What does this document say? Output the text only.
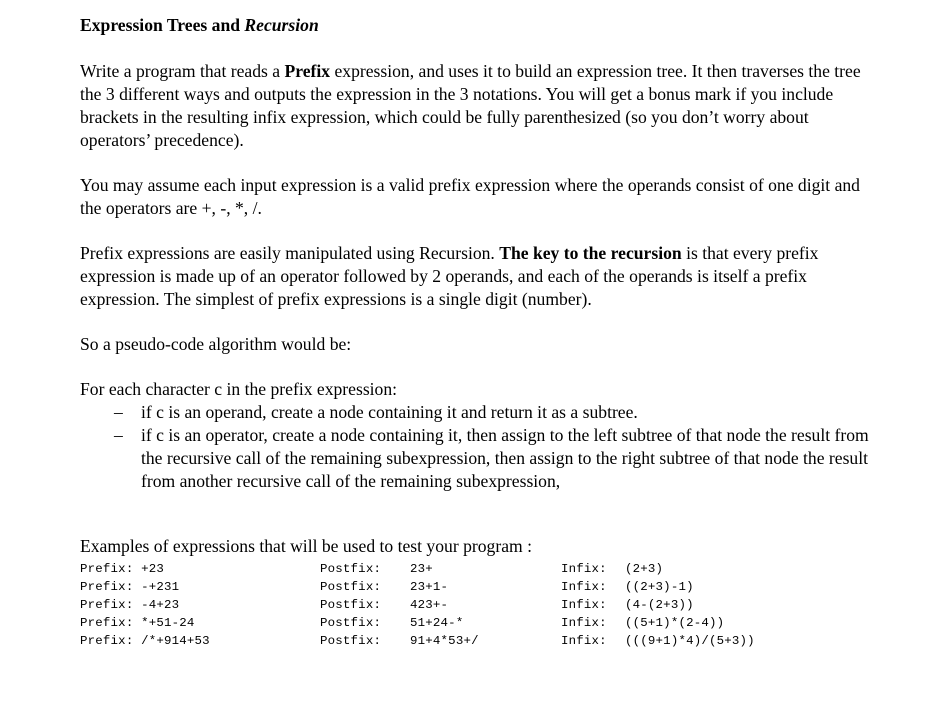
Expression Trees and Recursion

Write a program that reads a Prefix expression, and uses it to build an expression tree. It then traverses the tree the 3 different ways and outputs the expression in the 3 notations. You will get a bonus mark if you include brackets in the resulting infix expression, which could be fully parenthesized (so you don’t worry about operators’ precedence).

You may assume each input expression is a valid prefix expression where the operands consist of one digit and the operators are +, -, *, /.

Prefix expressions are easily manipulated using Recursion. The key to the recursion is that every prefix expression is made up of an operator followed by 2 operands, and each of the operands is itself a prefix expression. The simplest of prefix expressions is a single digit (number).

So a pseudo-code algorithm would be:

For each character c in the prefix expression:

– if c is an operand, create a node containing it and return it as a subtree.
– if c is an operator, create a node containing it, then assign to the left subtree of that node the result from the recursive call of the remaining subexpression, then assign to the right subtree of that node the result from another recursive call of the remaining subexpression,

Examples of expressions that will be used to test your program :

Prefix: +23	Postfix: 23+	Infix: (2+3)
Prefix: -+231	Postfix: 23+1-	Infix: ((2+3)-1)
Prefix: -4+23	Postfix: 423+-	Infix: (4-(2+3))
Prefix: *+51-24	Postfix: 51+24-*	Infix: ((5+1)*(2-4))
Prefix: /*+914+53	Postfix: 91+4*53+/	Infix: (((9+1)*4)/(5+3))
